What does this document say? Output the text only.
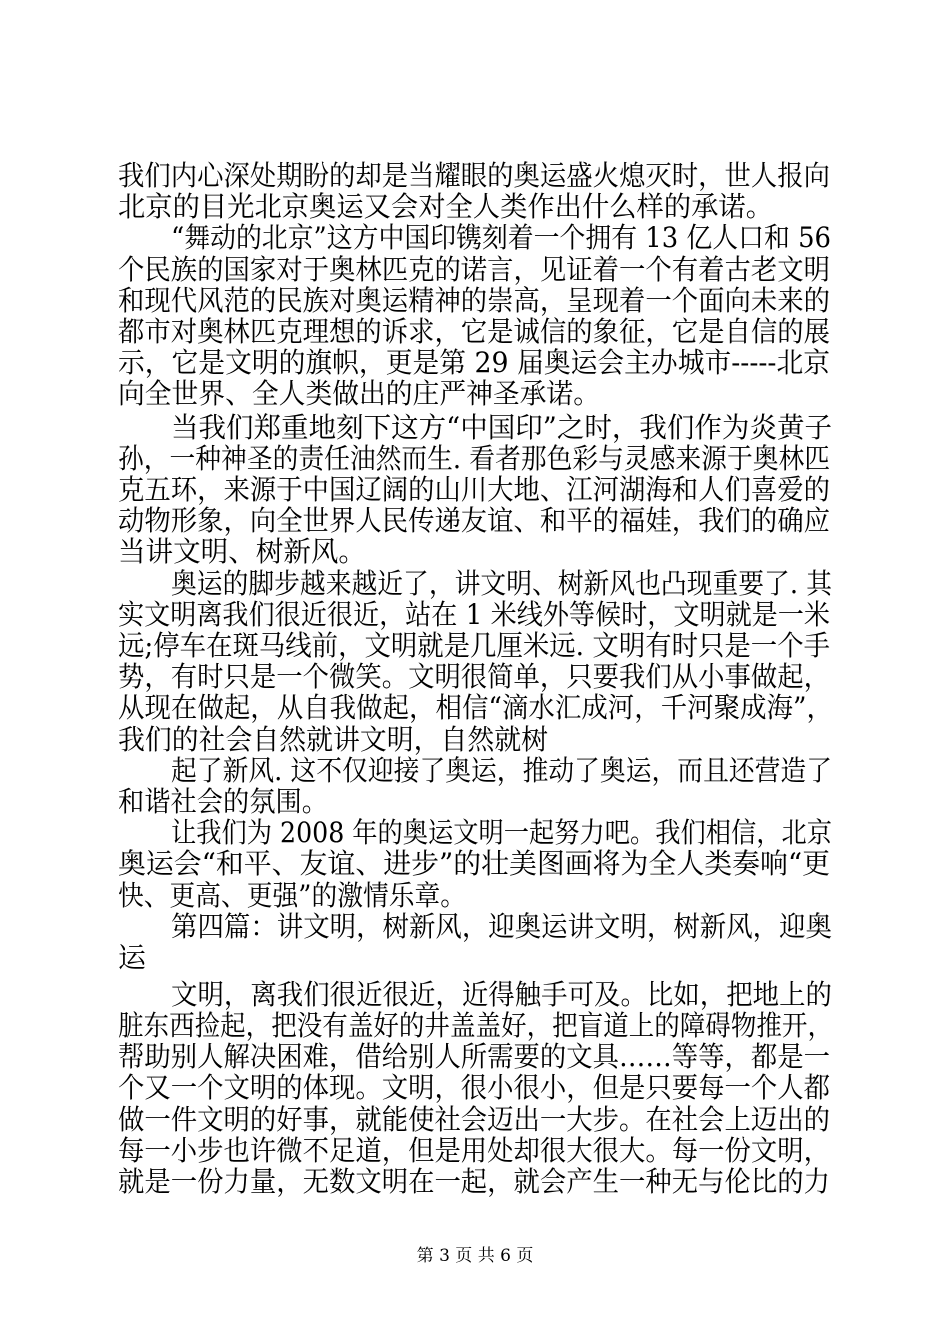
我们内心深处期盼的却是当耀眼的奥运盛火熄灭时，世人报向
北京的目光北京奥运又会对全人类作出什么样的承诺。
“舞动的北京”这方中国印镌刻着一个拥有 13 亿人口和 56
个民族的国家对于奥林匹克的诺言，见证着一个有着古老文明
和现代风范的民族对奥运精神的崇高，呈现着一个面向未来的
都市对奥林匹克理想的诉求，它是诚信的象征，它是自信的展
示，它是文明的旗帜，更是第 29 届奥运会主办城市-----北京
向全世界、全人类做出的庄严神圣承诺。
当我们郑重地刻下这方“中国印”之时，我们作为炎黄子
孙，一种神圣的责任油然而生. 看者那色彩与灵感来源于奥林匹
克五环，来源于中国辽阔的山川大地、江河湖海和人们喜爱的
动物形象，向全世界人民传递友谊、和平的福娃，我们的确应
当讲文明、树新风。
奥运的脚步越来越近了，讲文明、树新风也凸现重要了. 其
实文明离我们很近很近，站在 1 米线外等候时，文明就是一米
远;停车在斑马线前，文明就是几厘米远. 文明有时只是一个手
势，有时只是一个微笑。文明很简单，只要我们从小事做起，
从现在做起，从自我做起，相信“滴水汇成河，千河聚成海”，
我们的社会自然就讲文明，自然就树
起了新风. 这不仅迎接了奥运，推动了奥运，而且还营造了
和谐社会的氛围。
让我们为 2008 年的奥运文明一起努力吧。我们相信，北京
奥运会“和平、友谊、进步”的壮美图画将为全人类奏响“更
快、更高、更强”的激情乐章。
第四篇：讲文明，树新风，迎奥运讲文明，树新风，迎奥
运
文明，离我们很近很近，近得触手可及。比如，把地上的
脏东西捡起，把没有盖好的井盖盖好，把盲道上的障碍物推开，
帮助别人解决困难，借给别人所需要的文具……等等，都是一
个又一个文明的体现。文明，很小很小，但是只要每一个人都
做一件文明的好事，就能使社会迈出一大步。在社会上迈出的
每一小步也许微不足道，但是用处却很大很大。每一份文明，
就是一份力量，无数文明在一起，就会产生一种无与伦比的力
第 3 页 共 6 页
